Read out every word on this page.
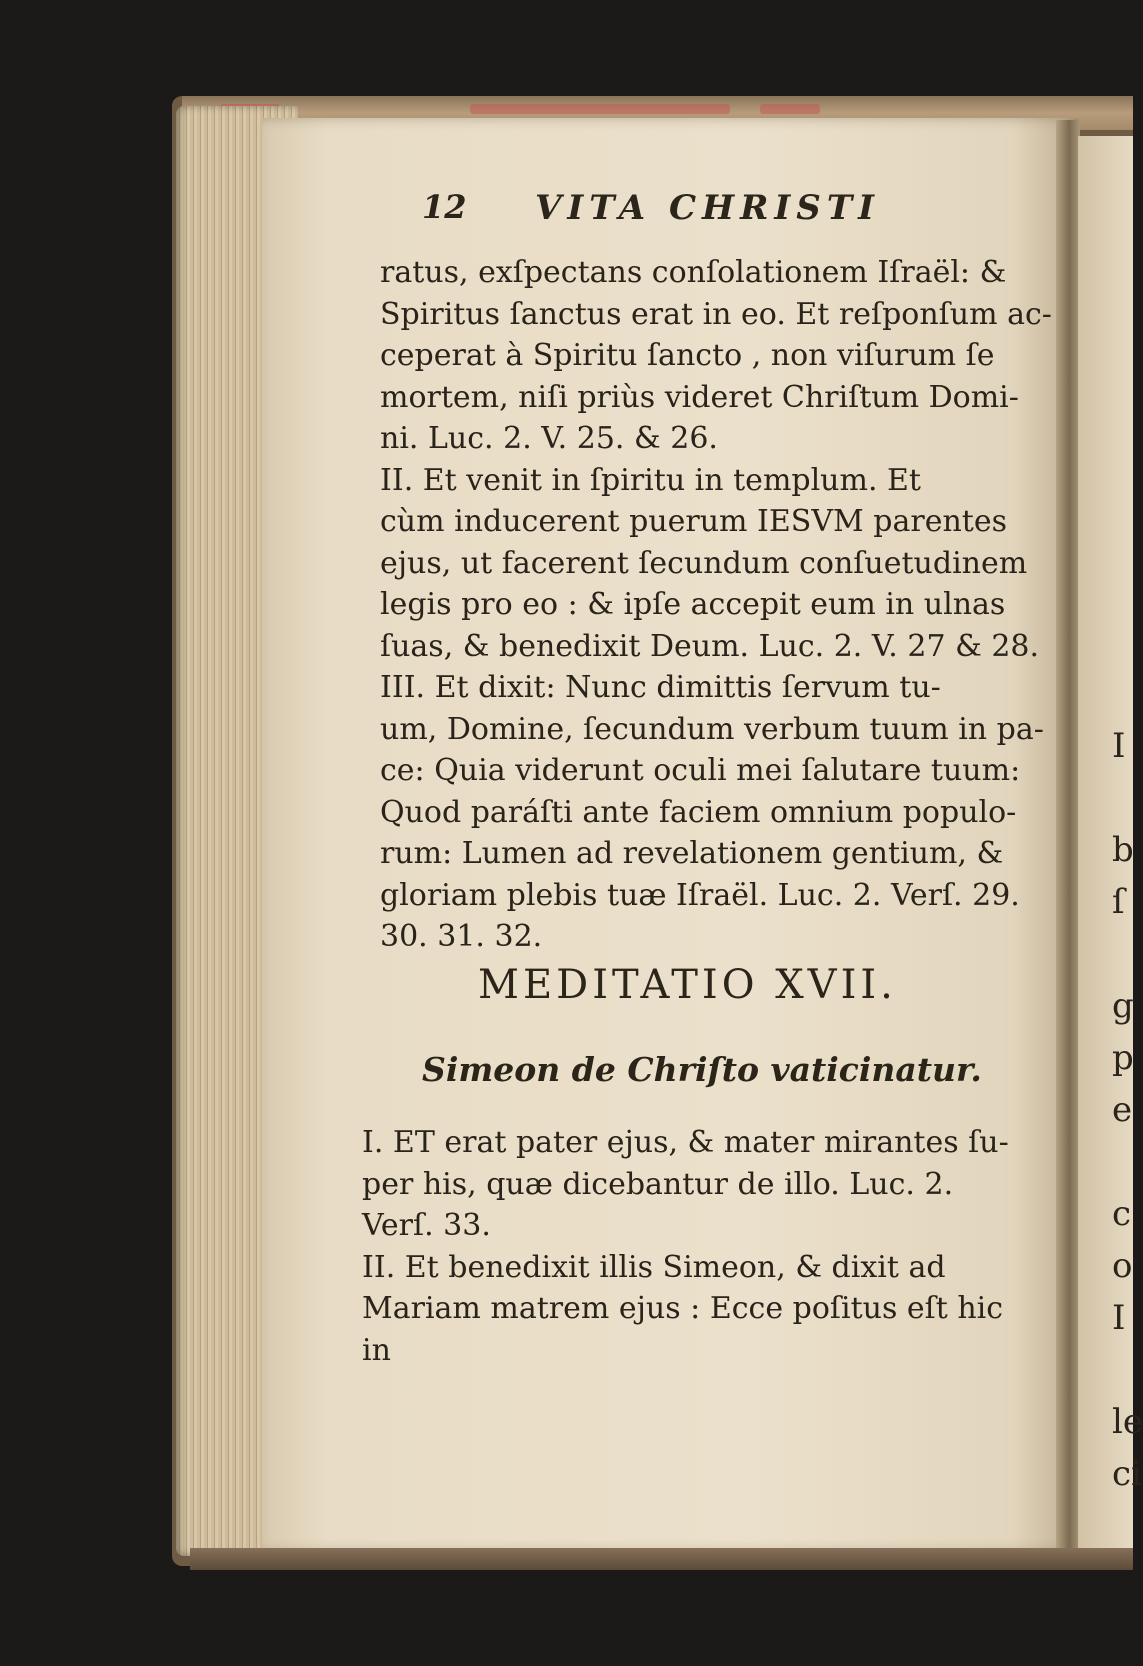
12 VITA CHRISTI
ratus, exſpectans conſolationem Iſraël: &
Spiritus ſanctus erat in eo. Et reſponſum ac-
ceperat à Spiritu ſancto , non viſurum ſe
mortem, niſi priùs videret Chriſtum Domi-
ni. Luc. 2. V. 25. & 26.
II. Et venit in ſpiritu in templum. Et
cùm inducerent puerum IESVM parentes
ejus, ut facerent ſecundum conſuetudinem
legis pro eo : & ipſe accepit eum in ulnas
ſuas, & benedixit Deum. Luc. 2. V. 27 & 28.
III. Et dixit: Nunc dimittis ſervum tu-
um, Domine, ſecundum verbum tuum in pa-
ce: Quia viderunt oculi mei ſalutare tuum:
Quod paráſti ante faciem omnium populo-
rum: Lumen ad revelationem gentium, &
gloriam plebis tuæ Iſraël. Luc. 2. Verſ. 29.
30. 31. 32.
MEDITATIO XVII.
Simeon de Chriſto vaticinatur.
I. ET erat pater ejus, & mater mirantes ſu-
per his, quæ dicebantur de illo. Luc. 2.
Verſ. 33.
II. Et benedixit illis Simeon, & dixit ad
Mariam matrem ejus : Ecce poſitus eſt hic
in
I
b
ſ
g
p
e
c
o
I
le
ci
